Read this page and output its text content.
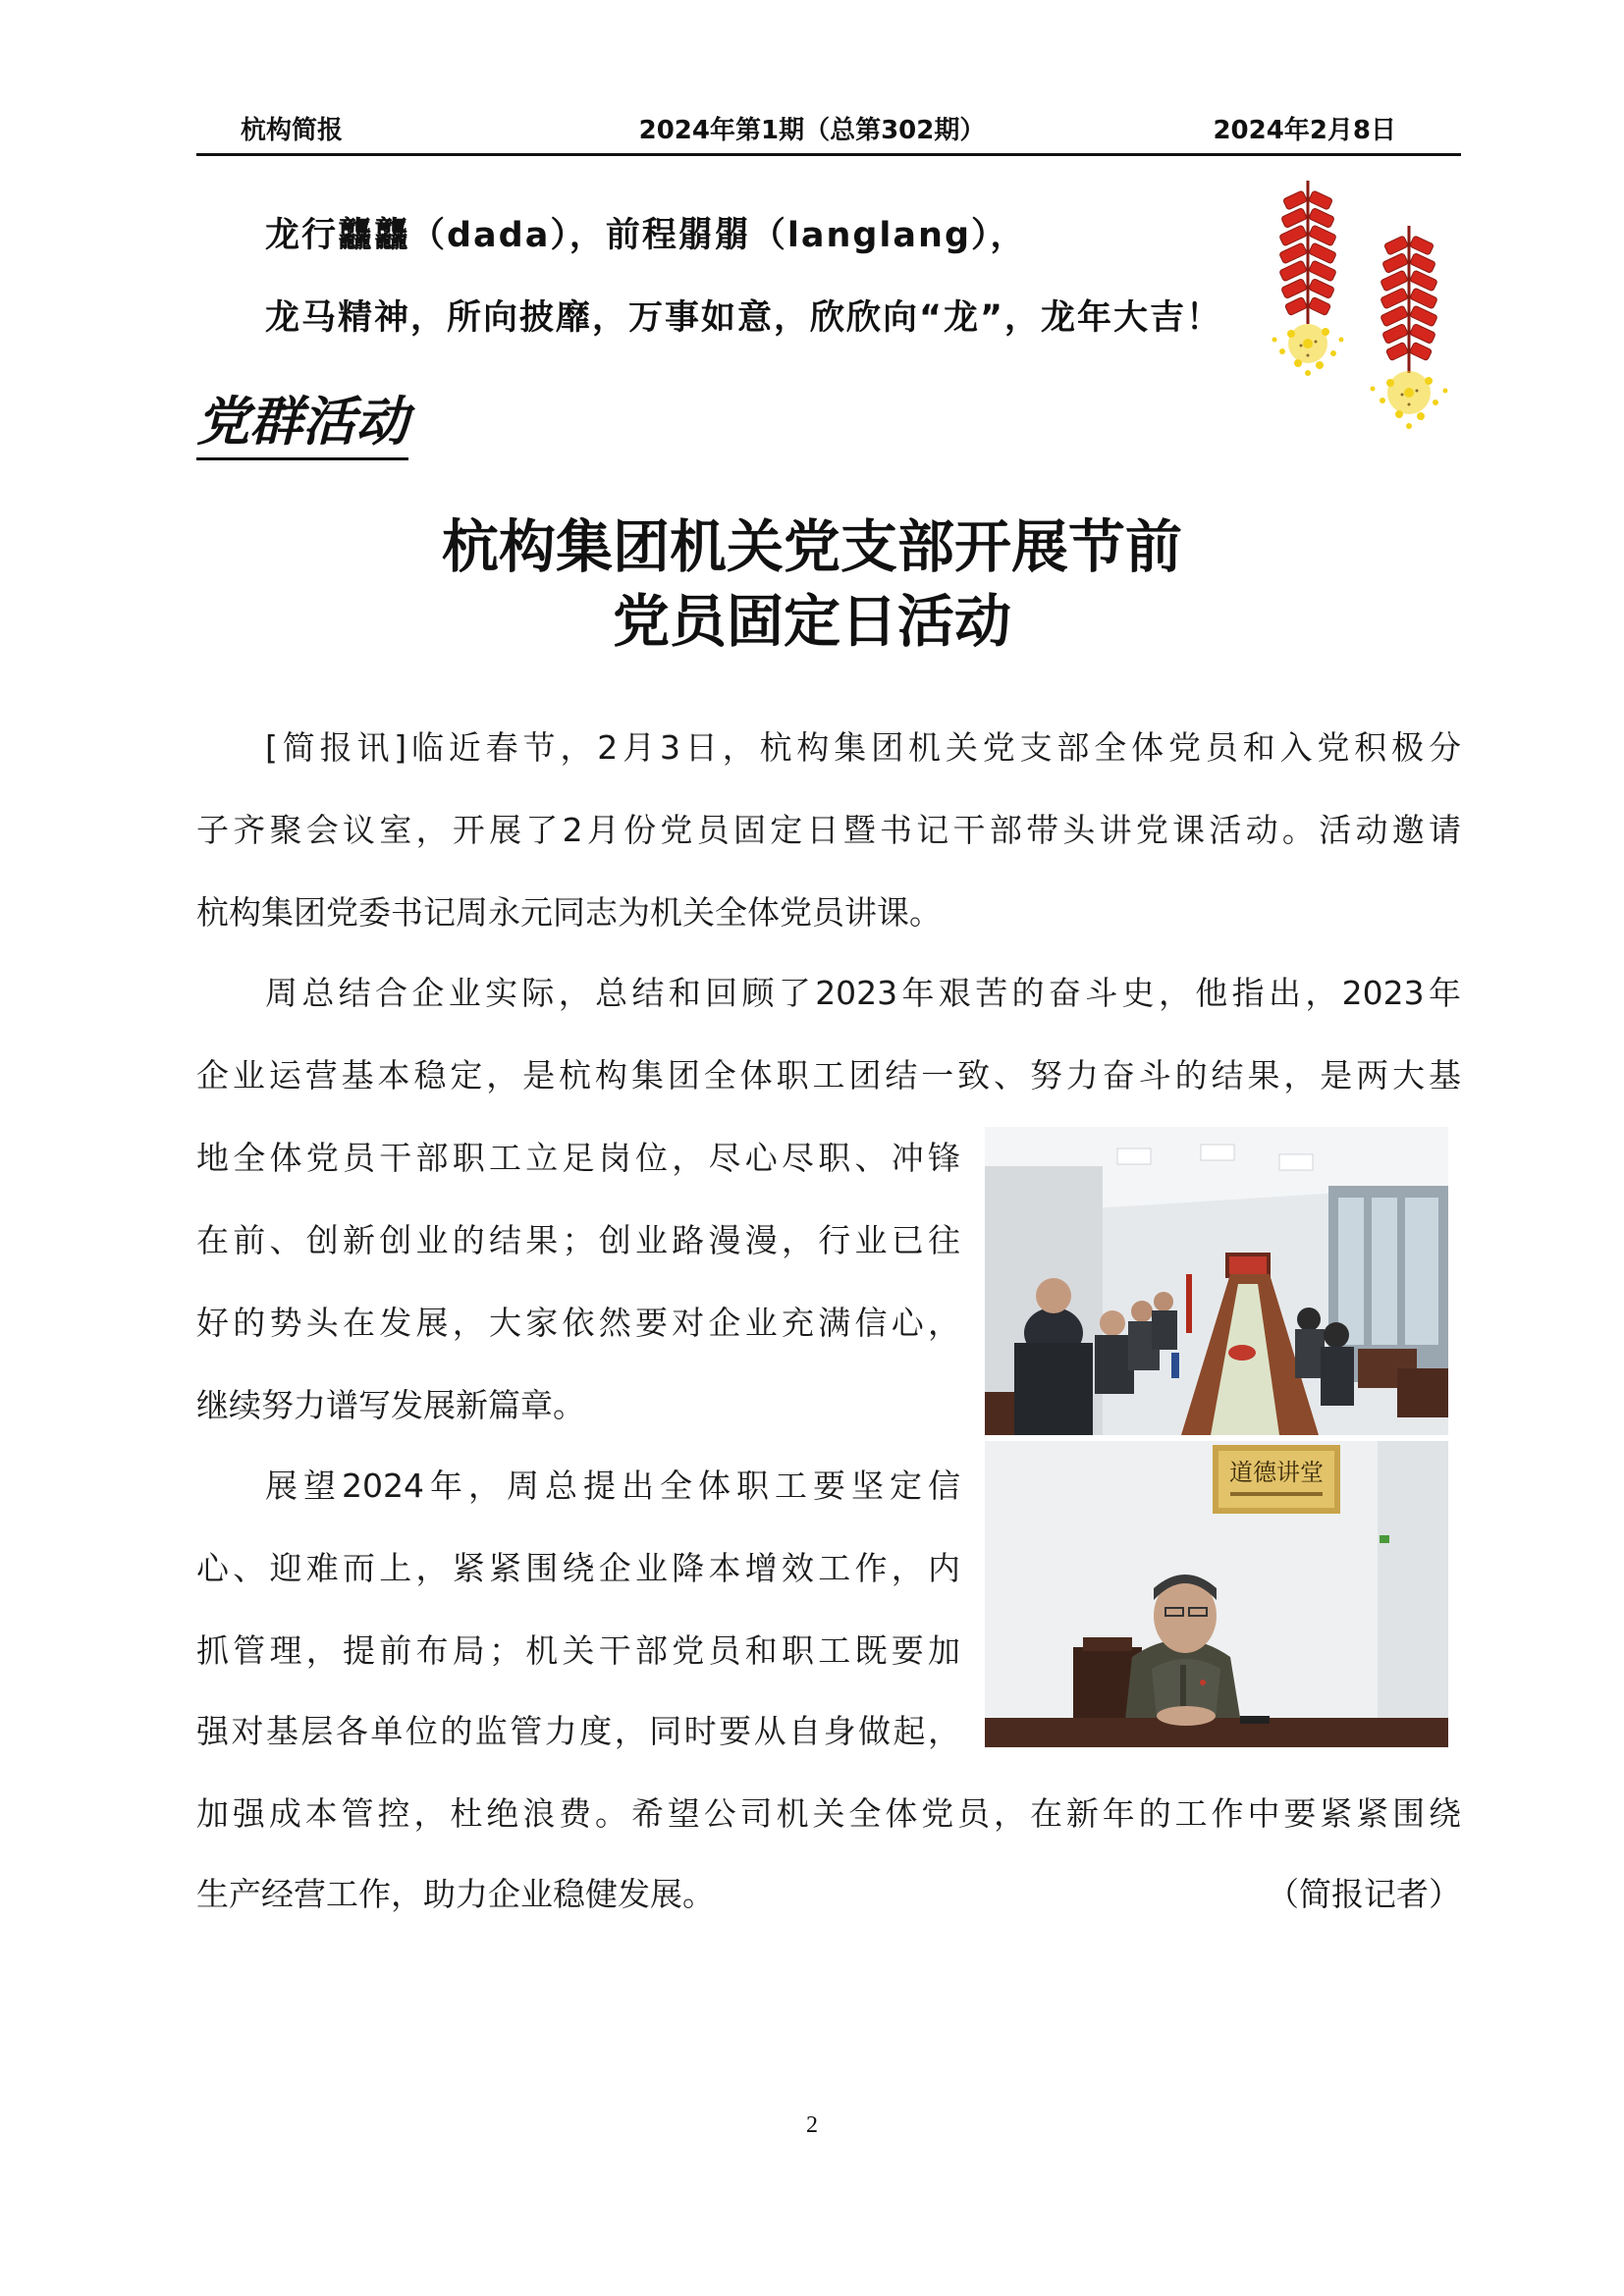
杭构简报	2024年第1期（总第302期）	2024年2月8日
龙行龘龘（dada），前程朤朤（langlang），
龙马精神，所向披靡，万事如意，欣欣向“龙”，龙年大吉！
党群活动
杭构集团机关党支部开展节前
党员固定日活动
[简报讯]临近春节，2月3日，杭构集团机关党支部全体党员和入党积极分
子齐聚会议室，开展了2月份党员固定日暨书记干部带头讲党课活动。活动邀请
杭构集团党委书记周永元同志为机关全体党员讲课。
周总结合企业实际，总结和回顾了2023年艰苦的奋斗史，他指出，2023年
企业运营基本稳定，是杭构集团全体职工团结一致、努力奋斗的结果，是两大基
地全体党员干部职工立足岗位，尽心尽职、冲锋
在前、创新创业的结果；创业路漫漫，行业已往
好的势头在发展，大家依然要对企业充满信心，
继续努力谱写发展新篇章。
展望2024年，周总提出全体职工要坚定信
心、迎难而上，紧紧围绕企业降本增效工作，内
抓管理，提前布局；机关干部党员和职工既要加
强对基层各单位的监管力度，同时要从自身做起，
加强成本管控，杜绝浪费。希望公司机关全体党员，在新年的工作中要紧紧围绕
生产经营工作，助力企业稳健发展。	（简报记者）
道德讲堂
2
